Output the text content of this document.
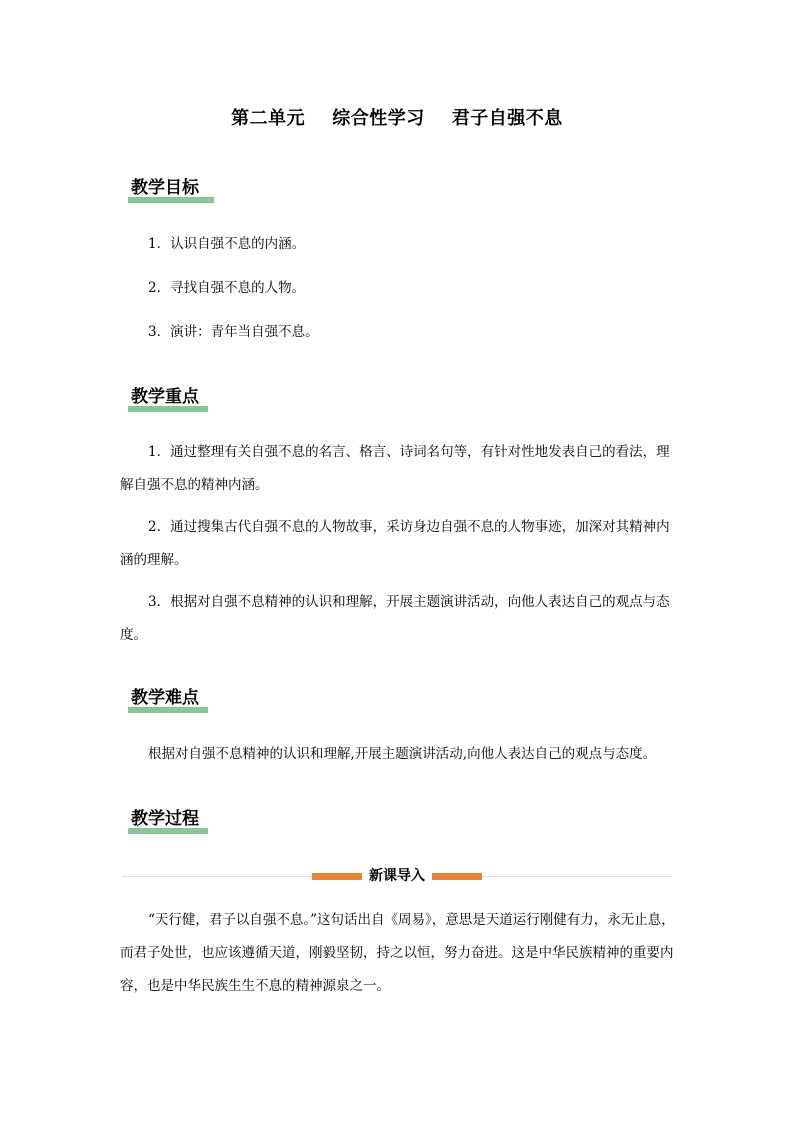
第二单元    综合性学习    君子自强不息
教学目标
1．认识自强不息的内涵。
2．寻找自强不息的人物。
3．演讲：青年当自强不息。
教学重点

1．通过整理有关自强不息的名言、格言、诗词名句等，有针对性地发表自己的看法，理解自强不息的精神内涵。

2．通过搜集古代自强不息的人物故事，采访身边自强不息的人物事迹，加深对其精神内涵的理解。

3．根据对自强不息精神的认识和理解，开展主题演讲活动，向他人表达自己的观点与态度。

教学难点

根据对自强不息精神的认识和理解,开展主题演讲活动,向他人表达自己的观点与态度。

教学过程
新课导入

“天行健，君子以自强不息。”这句话出自《周易》，意思是天道运行刚健有力，永无止息，而君子处世，也应该遵循天道，刚毅坚韧，持之以恒，努力奋进。这是中华民族精神的重要内容，也是中华民族生生不息的精神源泉之一。
